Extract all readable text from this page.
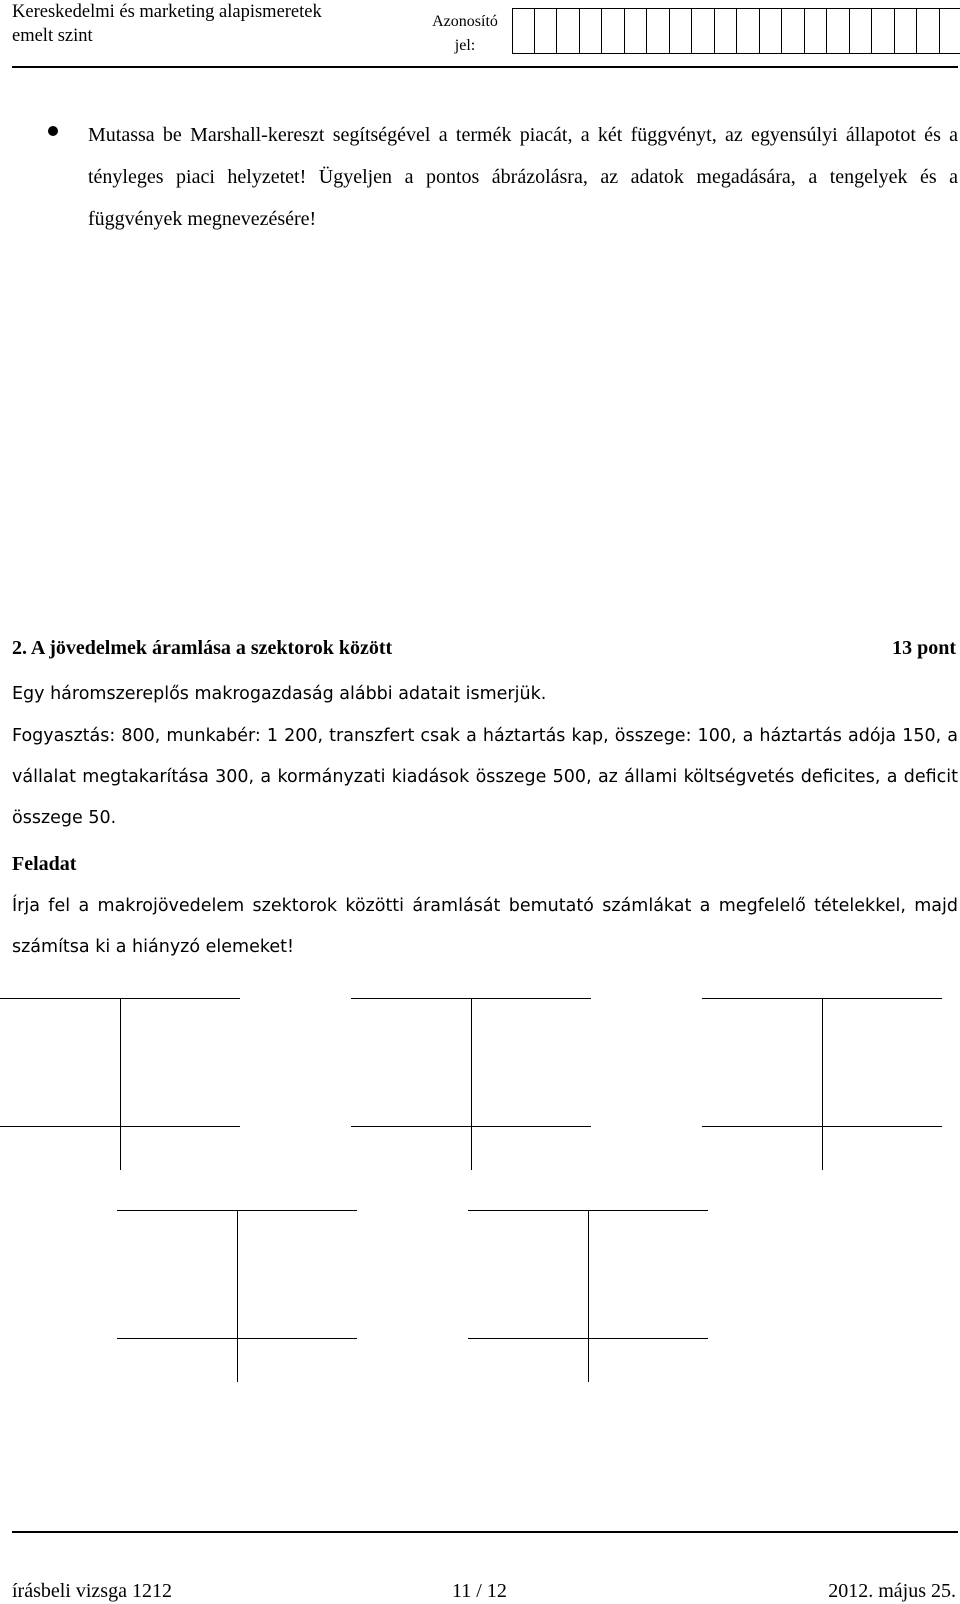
Kereskedelmi és marketing alapismeretek
emelt szint
Azonosító
jel:
Mutassa be Marshall-kereszt segítségével a termék piacát, a két függvényt, az egyensúlyi állapotot és a tényleges piaci helyzetet! Ügyeljen a pontos ábrázolásra, az adatok megadására, a tengelyek és a függvények megnevezésére!
2. A jövedelmek áramlása a szektorok között	13 pont
Egy háromszereplős makrogazdaság alábbi adatait ismerjük.
Fogyasztás: 800, munkabér: 1 200, transzfert csak a háztartás kap, összege: 100, a háztartás adója 150, a vállalat megtakarítása 300, a kormányzati kiadások összege 500, az állami költségvetés deficites, a deficit összege 50.
Feladat
Írja fel a makrojövedelem szektorok közötti áramlását bemutató számlákat a megfelelő tételekkel, majd számítsa ki a hiányzó elemeket!
írásbeli vizsga 1212	11 / 12	2012. május 25.
